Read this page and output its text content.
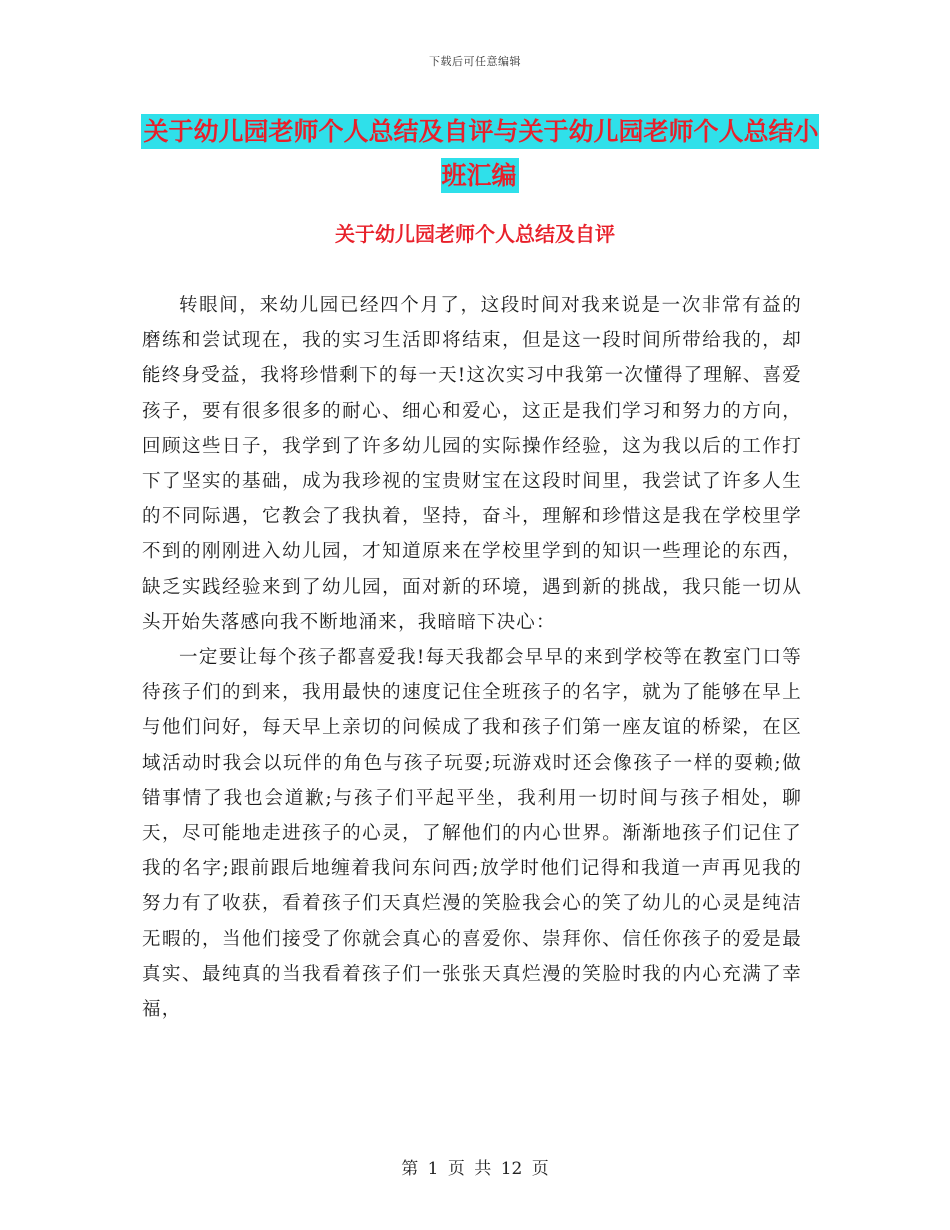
下载后可任意编辑
关于幼儿园老师个人总结及自评与关于幼儿园老师个人总结小班汇编
关于幼儿园老师个人总结及自评

转眼间，来幼儿园已经四个月了，这段时间对我来说是一次非常有益的磨练和尝试现在，我的实习生活即将结束，但是这一段时间所带给我的，却能终身受益，我将珍惜剩下的每一天!这次实习中我第一次懂得了理解、喜爱孩子，要有很多很多的耐心、细心和爱心，这正是我们学习和努力的方向，回顾这些日子，我学到了许多幼儿园的实际操作经验，这为我以后的工作打下了坚实的基础，成为我珍视的宝贵财宝在这段时间里，我尝试了许多人生的不同际遇，它教会了我执着，坚持，奋斗，理解和珍惜这是我在学校里学不到的刚刚进入幼儿园，才知道原来在学校里学到的知识一些理论的东西，缺乏实践经验来到了幼儿园，面对新的环境，遇到新的挑战，我只能一切从头开始失落感向我不断地涌来，我暗暗下决心：

一定要让每个孩子都喜爱我!每天我都会早早的来到学校等在教室门口等待孩子们的到来，我用最快的速度记住全班孩子的名字，就为了能够在早上与他们问好，每天早上亲切的问候成了我和孩子们第一座友谊的桥梁，在区域活动时我会以玩伴的角色与孩子玩耍;玩游戏时还会像孩子一样的耍赖;做错事情了我也会道歉;与孩子们平起平坐，我利用一切时间与孩子相处，聊天，尽可能地走进孩子的心灵，了解他们的内心世界。渐渐地孩子们记住了我的名字;跟前跟后地缠着我问东问西;放学时他们记得和我道一声再见我的努力有了收获，看着孩子们天真烂漫的笑脸我会心的笑了幼儿的心灵是纯洁无暇的，当他们接受了你就会真心的喜爱你、崇拜你、信任你孩子的爱是最真实、最纯真的当我看着孩子们一张张天真烂漫的笑脸时我的内心充满了幸福，

第 1 页 共 12 页
